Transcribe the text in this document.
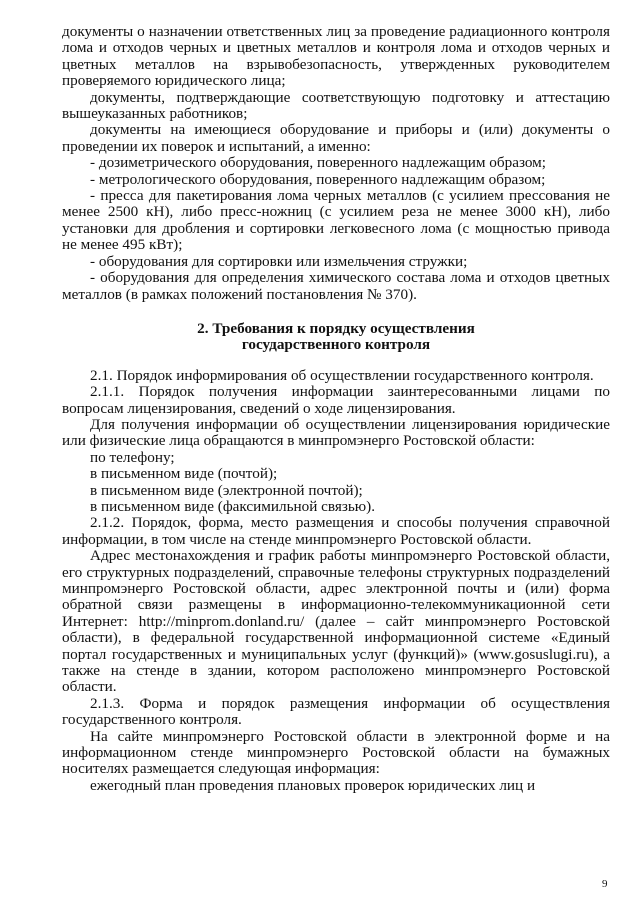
документы о назначении ответственных лиц за проведение радиационного контроля лома и отходов черных и цветных металлов и контроля лома и отходов черных и цветных металлов на взрывобезопасность, утвержденных руководителем проверяемого юридического лица;

документы, подтверждающие соответствующую подготовку и аттестацию вышеуказанных работников;

документы на имеющиеся оборудование и приборы и (или) документы о проведении их поверок и испытаний, а именно:

- дозиметрического оборудования, поверенного надлежащим образом;

- метрологического оборудования, поверенного надлежащим образом;

- пресса для пакетирования лома черных металлов (с усилием прессования не менее 2500 кН), либо пресс-ножниц (с усилием реза не менее 3000 кН), либо установки для дробления и сортировки легковесного лома (с мощностью привода не менее 495 кВт);

- оборудования для сортировки или измельчения стружки;

- оборудования для определения химического состава лома и отходов цветных металлов (в рамках положений постановления № 370).

2. Требования к порядку осуществления

государственного контроля

2.1. Порядок информирования об осуществлении государственного контроля.

2.1.1. Порядок получения информации заинтересованными лицами по вопросам лицензирования, сведений о ходе лицензирования.

Для получения информации об осуществлении лицензирования юридические или физические лица обращаются в минпромэнерго Ростовской области:

по телефону;

в письменном виде (почтой);

в письменном виде (электронной почтой);

в письменном виде (факсимильной связью).

2.1.2. Порядок, форма, место размещения и способы получения справочной информации, в том числе на стенде минпромэнерго Ростовской области.

Адрес местонахождения и график работы минпромэнерго Ростовской области, его структурных подразделений, справочные телефоны структурных подразделений минпромэнерго Ростовской области, адрес электронной почты и (или) форма обратной связи размещены в информационно-телекоммуникационной сети Интернет: http://minprom.donland.ru/ (далее – сайт минпромэнерго Ростовской области), в федеральной государственной информационной системе «Единый портал государственных и муниципальных услуг (функций)» (www.gosuslugi.ru), а также на стенде в здании, котором расположено минпромэнерго Ростовской области.

2.1.3. Форма и порядок размещения информации об осуществления государственного контроля.

На сайте минпромэнерго Ростовской области в электронной форме и на информационном стенде минпромэнерго Ростовской области на бумажных носителях размещается следующая информация:

ежегодный план проведения плановых проверок юридических лиц и

9
